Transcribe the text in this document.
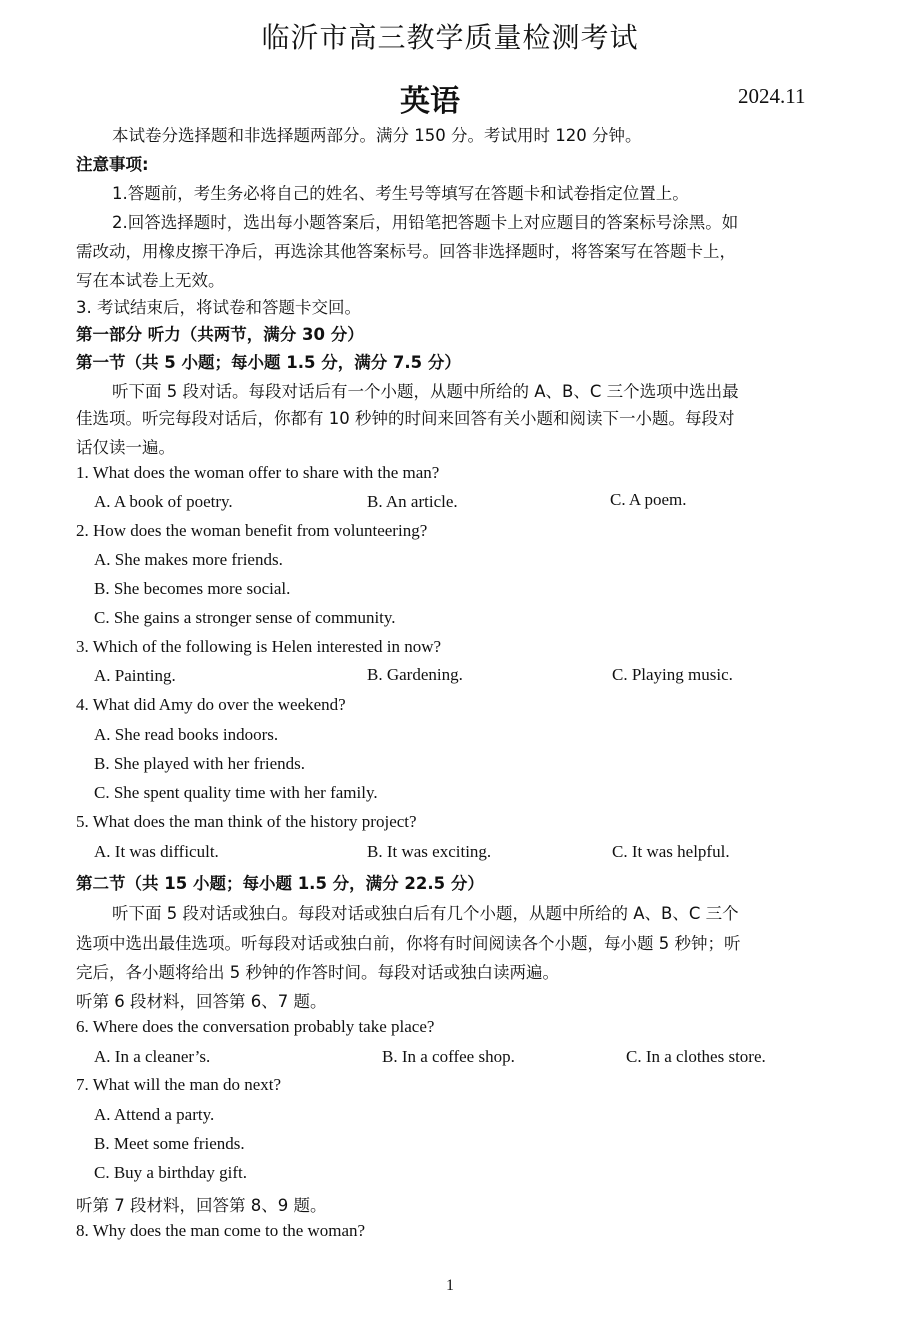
临沂市高三教学质量检测考试
英语	2024.11
本试卷分选择题和非选择题两部分。满分 150 分。考试用时 120 分钟。
注意事项:
1.答题前，考生务必将自己的姓名、考生号等填写在答题卡和试卷指定位置上。
2.回答选择题时，选出每小题答案后，用铅笔把答题卡上对应题目的答案标号涂黑。如
需改动，用橡皮擦干净后，再选涂其他答案标号。回答非选择题时，将答案写在答题卡上，
写在本试卷上无效。
3. 考试结束后，将试卷和答题卡交回。
第一部分 听力（共两节，满分 30 分）
第一节（共 5 小题；每小题 1.5 分，满分 7.5 分）
听下面 5 段对话。每段对话后有一个小题，从题中所给的 A、B、C 三个选项中选出最
佳选项。听完每段对话后，你都有 10 秒钟的时间来回答有关小题和阅读下一小题。每段对
话仅读一遍。
1. What does the woman offer to share with the man?
A. A book of poetry.	B. An article.	C. A poem.
2. How does the woman benefit from volunteering?
A. She makes more friends.
B. She becomes more social.
C. She gains a stronger sense of community.
3. Which of the following is Helen interested in now?
A. Painting.	B. Gardening.	C. Playing music.
4. What did Amy do over the weekend?
A. She read books indoors.
B. She played with her friends.
C. She spent quality time with her family.
5. What does the man think of the history project?
A. It was difficult.	B. It was exciting.	C. It was helpful.
第二节（共 15 小题；每小题 1.5 分，满分 22.5 分）
听下面 5 段对话或独白。每段对话或独白后有几个小题，从题中所给的 A、B、C 三个
选项中选出最佳选项。听每段对话或独白前，你将有时间阅读各个小题，每小题 5 秒钟；听
完后，各小题将给出 5 秒钟的作答时间。每段对话或独白读两遍。
听第 6 段材料，回答第 6、7 题。
6. Where does the conversation probably take place?
A. In a cleaner’s.	B. In a coffee shop.	C. In a clothes store.
7. What will the man do next?
A. Attend a party.
B. Meet some friends.
C. Buy a birthday gift.
听第 7 段材料，回答第 8、9 题。
8. Why does the man come to the woman?
1
